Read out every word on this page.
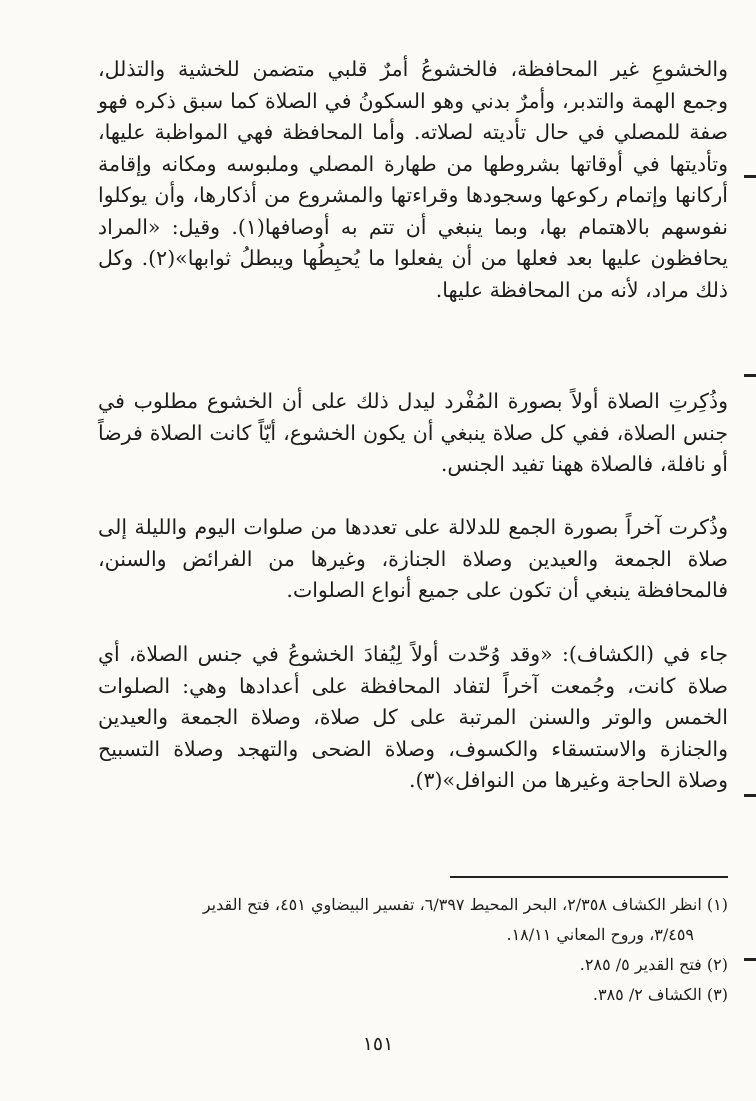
والخشوعِ غير المحافظة، فالخشوعُ أمرٌ قلبي متضمن للخشية والتذلل، وجمع الهمة والتدبر، وأمرٌ بدني وهو السكونُ في الصلاة كما سبق ذكره فهو صفة للمصلي في حال تأديته لصلاته. وأما المحافظة فهي المواظبة عليها، وتأديتها في أوقاتها بشروطها من طهارة المصلي وملبوسه ومكانه وإقامة أركانها وإتمام ركوعها وسجودها وقراءتها والمشروع من أذكارها، وأن يوكلوا نفوسهم بالاهتمام بها، وبما ينبغي أن تتم به أوصافها(١). وقيل: «المراد يحافظون عليها بعد فعلها من أن يفعلوا ما يُحبِطُها ويبطلُ ثوابها»(٢). وكل ذلك مراد، لأنه من المحافظة عليها.

وذُكِرتِ الصلاة أولاً بصورة المُفْرد ليدل ذلك على أن الخشوع مطلوب في جنس الصلاة، ففي كل صلاة ينبغي أن يكون الخشوع، أيّاً كانت الصلاة فرضاً أو نافلة، فالصلاة ههنا تفيد الجنس.

وذُكرت آخراً بصورة الجمع للدلالة على تعددها من صلوات اليوم والليلة إلى صلاة الجمعة والعيدين وصلاة الجنازة، وغيرها من الفرائض والسنن، فالمحافظة ينبغي أن تكون على جميع أنواع الصلوات.

جاء في (الكشاف): «وقد وُحّدت أولاً لِيُفادَ الخشوعُ في جنس الصلاة، أي صلاة كانت، وجُمعت آخراً لتفاد المحافظة على أعدادها وهي: الصلوات الخمس والوتر والسنن المرتبة على كل صلاة، وصلاة الجمعة والعيدين والجنازة والاستسقاء والكسوف، وصلاة الضحى والتهجد وصلاة التسبيح وصلاة الحاجة وغيرها من النوافل»(٣).

(١) انظر الكشاف ٢/٣٥٨، البحر المحيط ٦/٣٩٧، تفسير البيضاوي ٤٥١، فتح القدير
٣/٤٥٩، وروح المعاني ١٨/١١.
(٢) فتح القدير ٥/ ٢٨٥.
(٣) الكشاف ٢/ ٣٨٥.
١٥١
